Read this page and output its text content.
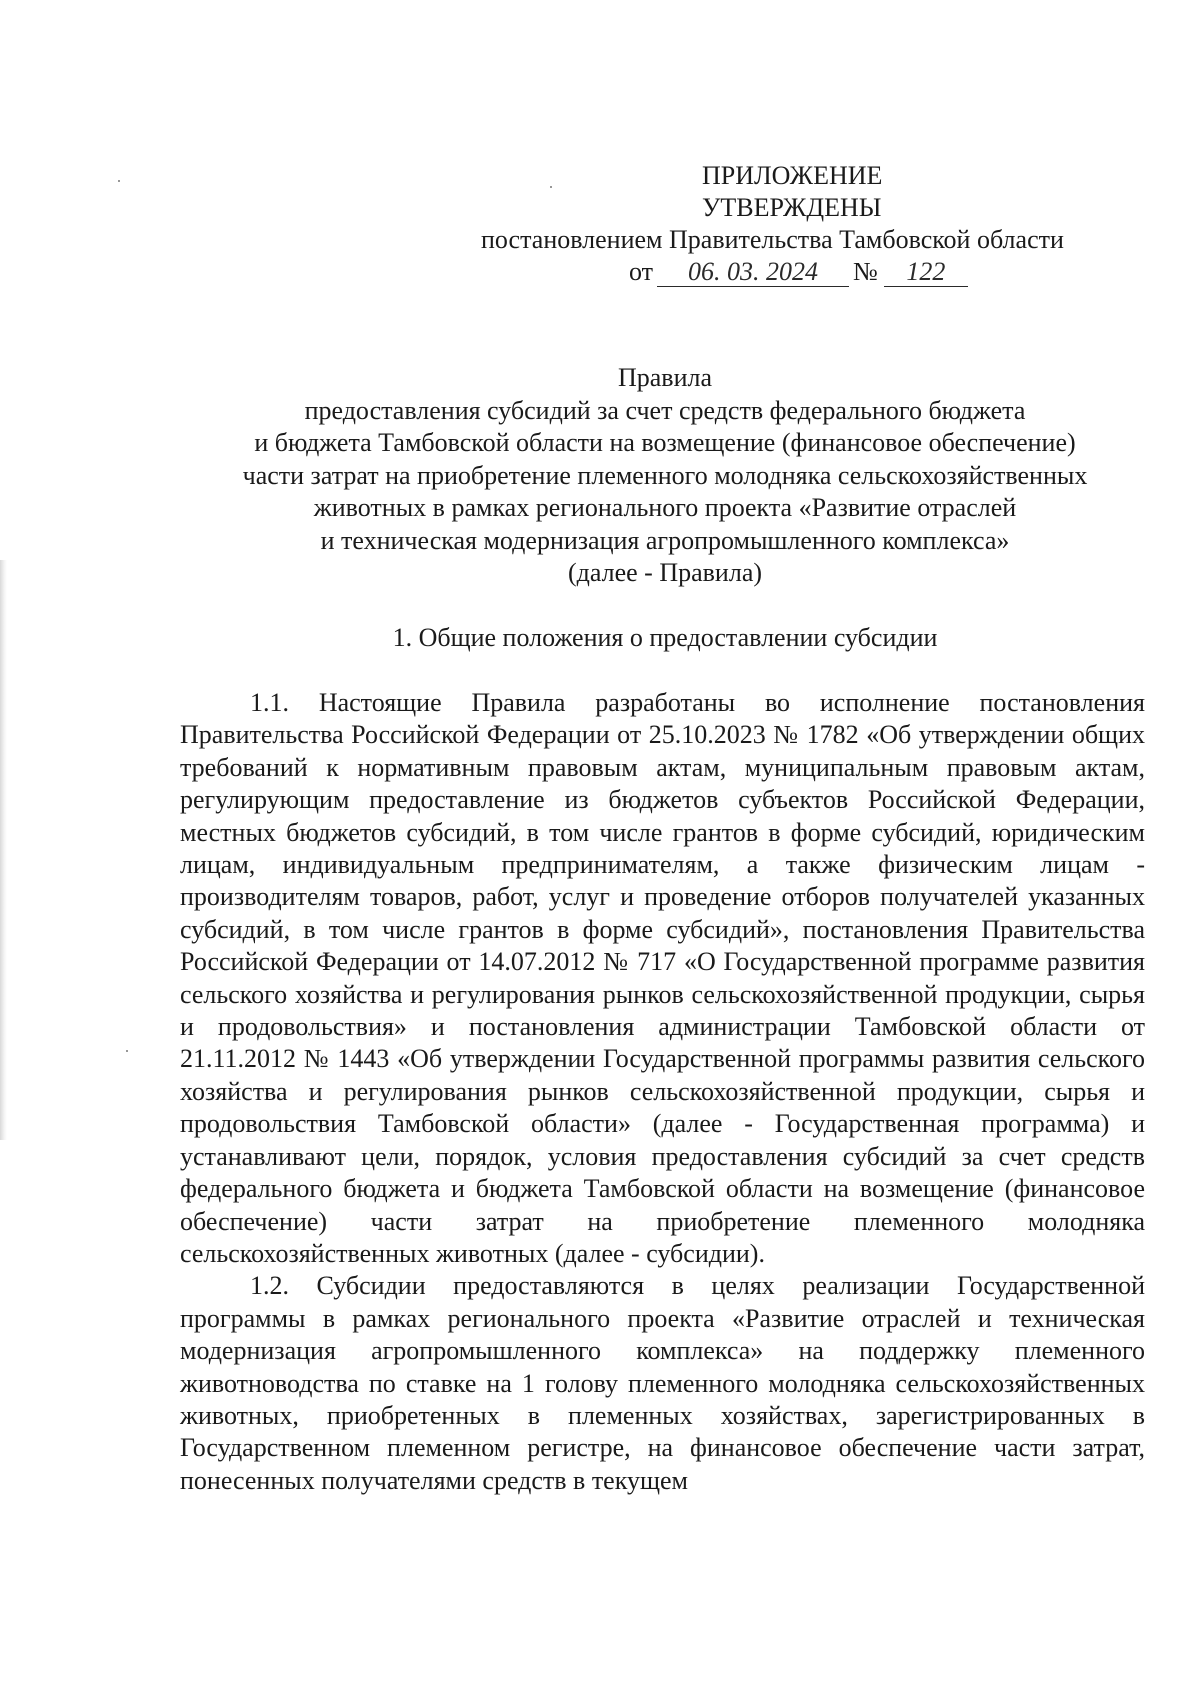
ПРИЛОЖЕНИЕ
УТВЕРЖДЕНЫ
постановлением Правительства Тамбовской области
от 06. 03. 2024 № 122
Правила
предоставления субсидий за счет средств федерального бюджета
и бюджета Тамбовской области на возмещение (финансовое обеспечение)
части затрат на приобретение племенного молодняка сельскохозяйственных
животных в рамках регионального проекта «Развитие отраслей
и техническая модернизация агропромышленного комплекса»
(далее - Правила)
1. Общие положения о предоставлении субсидии

1.1. Настоящие Правила разработаны во исполнение постановления Правительства Российской Федерации от 25.10.2023 № 1782 «Об утверждении общих требований к нормативным правовым актам, муниципальным правовым актам, регулирующим предоставление из бюджетов субъектов Российской Федерации, местных бюджетов субсидий, в том числе грантов в форме субсидий, юридическим лицам, индивидуальным предпринимателям, а также физическим лицам - производителям товаров, работ, услуг и проведение отборов получателей указанных субсидий, в том числе грантов в форме субсидий», постановления Правительства Российской Федерации от 14.07.2012 № 717 «О Государственной программе развития сельского хозяйства и регулирования рынков сельскохозяйственной продукции, сырья и продовольствия» и постановления администрации Тамбовской области от 21.11.2012 № 1443 «Об утверждении Государственной программы развития сельского хозяйства и регулирования рынков сельскохозяйственной продукции, сырья и продовольствия Тамбовской области» (далее - Государственная программа) и устанавливают цели, порядок, условия предоставления субсидий за счет средств федерального бюджета и бюджета Тамбовской области на возмещение (финансовое обеспечение) части затрат на приобретение племенного молодняка сельскохозяйственных животных (далее - субсидии).

1.2. Субсидии предоставляются в целях реализации Государственной программы в рамках регионального проекта «Развитие отраслей и техническая модернизация агропромышленного комплекса» на поддержку племенного животноводства по ставке на 1 голову племенного молодняка сельскохозяйственных животных, приобретенных в племенных хозяйствах, зарегистрированных в Государственном племенном регистре, на финансовое обеспечение части затрат, понесенных получателями средств в текущем
